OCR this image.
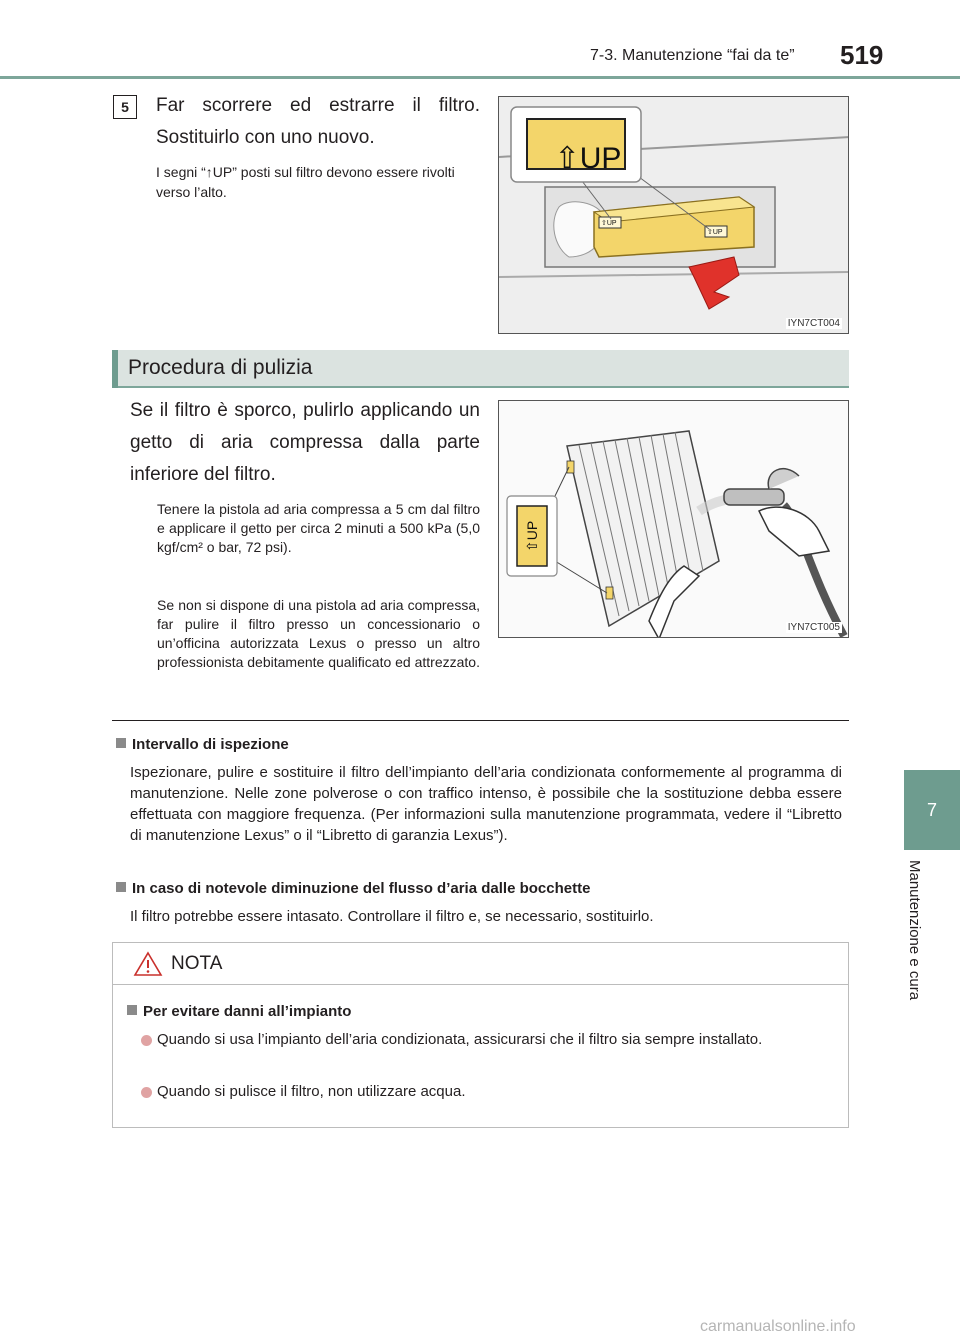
7-3. Manutenzione “fai da te” 519
7
Manutenzione e cura
5	Far scorrere ed estrarre il filtro. Sostituirlo con uno nuovo.
I segni “↑UP” posti sul filtro devono essere rivolti verso l’alto.
⇧UP
⇧UP
⇧UP
IYN7CT004
Procedura di pulizia
Se il filtro è sporco, pulirlo applicando un getto di aria compressa dalla parte inferiore del filtro.
Tenere la pistola ad aria compressa a 5 cm dal filtro e applicare il getto per circa 2 minuti a 500 kPa (5,0 kgf/cm² o bar, 72 psi).
Se non si dispone di una pistola ad aria compressa, far pulire il filtro presso un concessionario o un’officina autorizzata Lexus o presso un altro professionista debitamente qualificato ed attrezzato.
⇧UP
IYN7CT005
Intervallo di ispezione
Ispezionare, pulire e sostituire il filtro dell’impianto dell’aria condizionata conformemente al programma di manutenzione. Nelle zone polverose o con traffico intenso, è possibile che la sostituzione debba essere effettuata con maggiore frequenza. (Per informazioni sulla manutenzione programmata, vedere il “Libretto di manutenzione Lexus” o il “Libretto di garanzia Lexus”).
In caso di notevole diminuzione del flusso d’aria dalle bocchette
Il filtro potrebbe essere intasato. Controllare il filtro e, se necessario, sostituirlo.
NOTA
Per evitare danni all’impianto
Quando si usa l’impianto dell’aria condizionata, assicurarsi che il filtro sia sempre installato.
Quando si pulisce il filtro, non utilizzare acqua.
carmanualsonline.info
